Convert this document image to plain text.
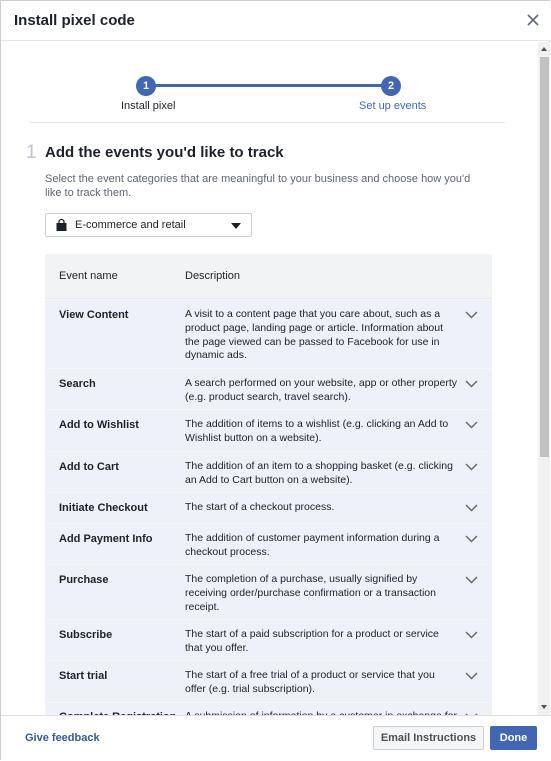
Install pixel code
1
Install pixel
2
Set up events
1 Add the events you'd like to track
Select the event categories that are meaningful to your business and choose how you'd like to track them.
E-commerce and retail
Event name	Description
View Content	A visit to a content page that you care about, such as a product page, landing page or article. Information about the page viewed can be passed to Facebook for use in dynamic ads.
Search	A search performed on your website, app or other property (e.g. product search, travel search).
Add to Wishlist	The addition of items to a wishlist (e.g. clicking an Add to Wishlist button on a website).
Add to Cart	The addition of an item to a shopping basket (e.g. clicking an Add to Cart button on a website).
Initiate Checkout	The start of a checkout process.
Add Payment Info	The addition of customer payment information during a checkout process.
Purchase	The completion of a purchase, usually signified by receiving order/purchase confirmation or a transaction receipt.
Subscribe	The start of a paid subscription for a product or service that you offer.
Start trial	The start of a free trial of a product or service that you offer (e.g. trial subscription).
Give feedback	Email Instructions	Done
